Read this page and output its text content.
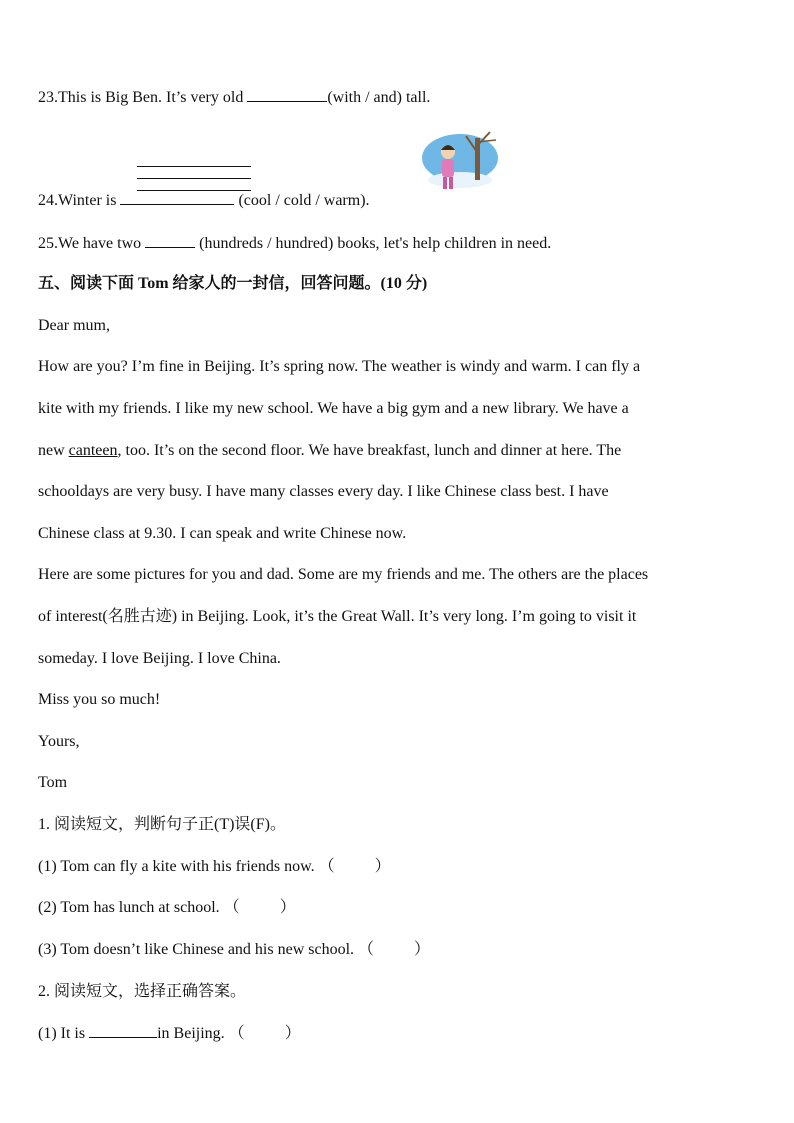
23.This is Big Ben. It’s very old	(with / and) tall.
24.Winter is	(cool / cold / warm).
25.We have two	(hundreds / hundred) books, let's help children in need.
五、阅读下面 Tom 给家人的一封信，回答问题。(10 分)
Dear mum,
How are you? I’m fine in Beijing. It’s spring now. The weather is windy and warm. I can fly a
kite with my friends. I like my new school. We have a big gym and a new library. We have a
new canteen, too. It’s on the second floor. We have breakfast, lunch and dinner at here. The
schooldays are very busy. I have many classes every day. I like Chinese class best. I have
Chinese class at 9.30. I can speak and write Chinese now.
Here are some pictures for you and dad. Some are my friends and me. The others are the places
of interest(名胜古迹) in Beijing. Look, it’s the Great Wall. It’s very long. I’m going to visit it
someday. I love Beijing. I love China.
Miss you so much!
Yours,
Tom
1. 阅读短文，判断句子正(T)误(F)。
(1) Tom can fly a kite with his friends now. （	）
(2) Tom has lunch at school. （	）
(3) Tom doesn’t like Chinese and his new school. （	）
2. 阅读短文，选择正确答案。
(1) It is	in Beijing. （	）
